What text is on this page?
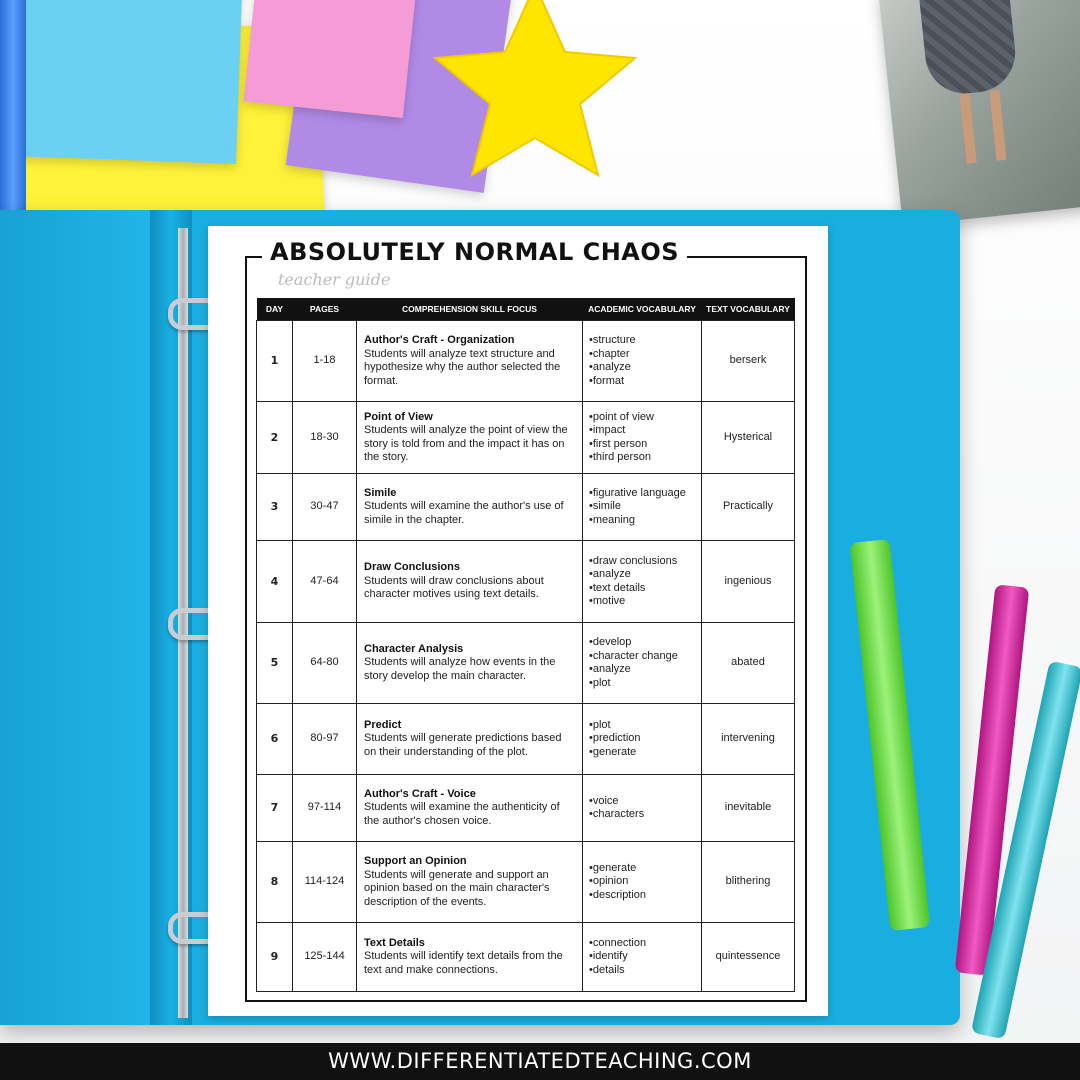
ABSOLUTELY NORMAL CHAOS
teacher guide
DAY	PAGES	COMPREHENSION SKILL FOCUS	ACADEMIC VOCABULARY	TEXT VOCABULARY
1	1-18	Author's Craft - Organization
Students will analyze text structure and hypothesize why the author selected the format.	•structure
•chapter
•analyze
•format	berserk
2	18-30	Point of View
Students will analyze the point of view the story is told from and the impact it has on the story.	•point of view
•impact
•first person
•third person	Hysterical
3	30-47	Simile
Students will examine the author's use of simile in the chapter.	•figurative language
•simile
•meaning	Practically
4	47-64	Draw Conclusions
Students will draw conclusions about character motives using text details.	•draw conclusions
•analyze
•text details
•motive	ingenious
5	64-80	Character Analysis
Students will analyze how events in the story develop the main character.	•develop
•character change
•analyze
•plot	abated
6	80-97	Predict
Students will generate predictions based on their understanding of the plot.	•plot
•prediction
•generate	intervening
7	97-114	Author's Craft - Voice
Students will examine the authenticity of the author's chosen voice.	•voice
•characters	inevitable
8	114-124	Support an Opinion
Students will generate and support an opinion based on the main character's description of the events.	•generate
•opinion
•description	blithering
9	125-144	Text Details
Students will identify text details from the text and make connections.	•connection
•identify
•details	quintessence
WWW.DIFFERENTIATEDTEACHING.COM
